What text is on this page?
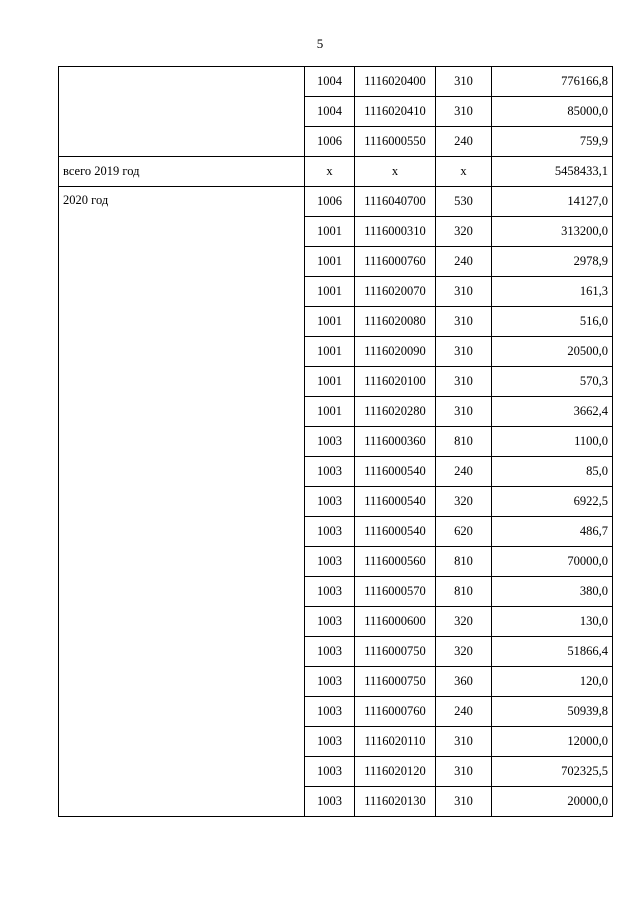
5
	1004	1116020400	310	776166,8
	1004	1116020410	310	85000,0
	1006	1116000550	240	759,9
всего 2019 год	х	х	х	5458433,1
2020 год	1006	1116040700	530	14127,0
	1001	1116000310	320	313200,0
	1001	1116000760	240	2978,9
	1001	1116020070	310	161,3
	1001	1116020080	310	516,0
	1001	1116020090	310	20500,0
	1001	1116020100	310	570,3
	1001	1116020280	310	3662,4
	1003	1116000360	810	1100,0
	1003	1116000540	240	85,0
	1003	1116000540	320	6922,5
	1003	1116000540	620	486,7
	1003	1116000560	810	70000,0
	1003	1116000570	810	380,0
	1003	1116000600	320	130,0
	1003	1116000750	320	51866,4
	1003	1116000750	360	120,0
	1003	1116000760	240	50939,8
	1003	1116020110	310	12000,0
	1003	1116020120	310	702325,5
	1003	1116020130	310	20000,0
